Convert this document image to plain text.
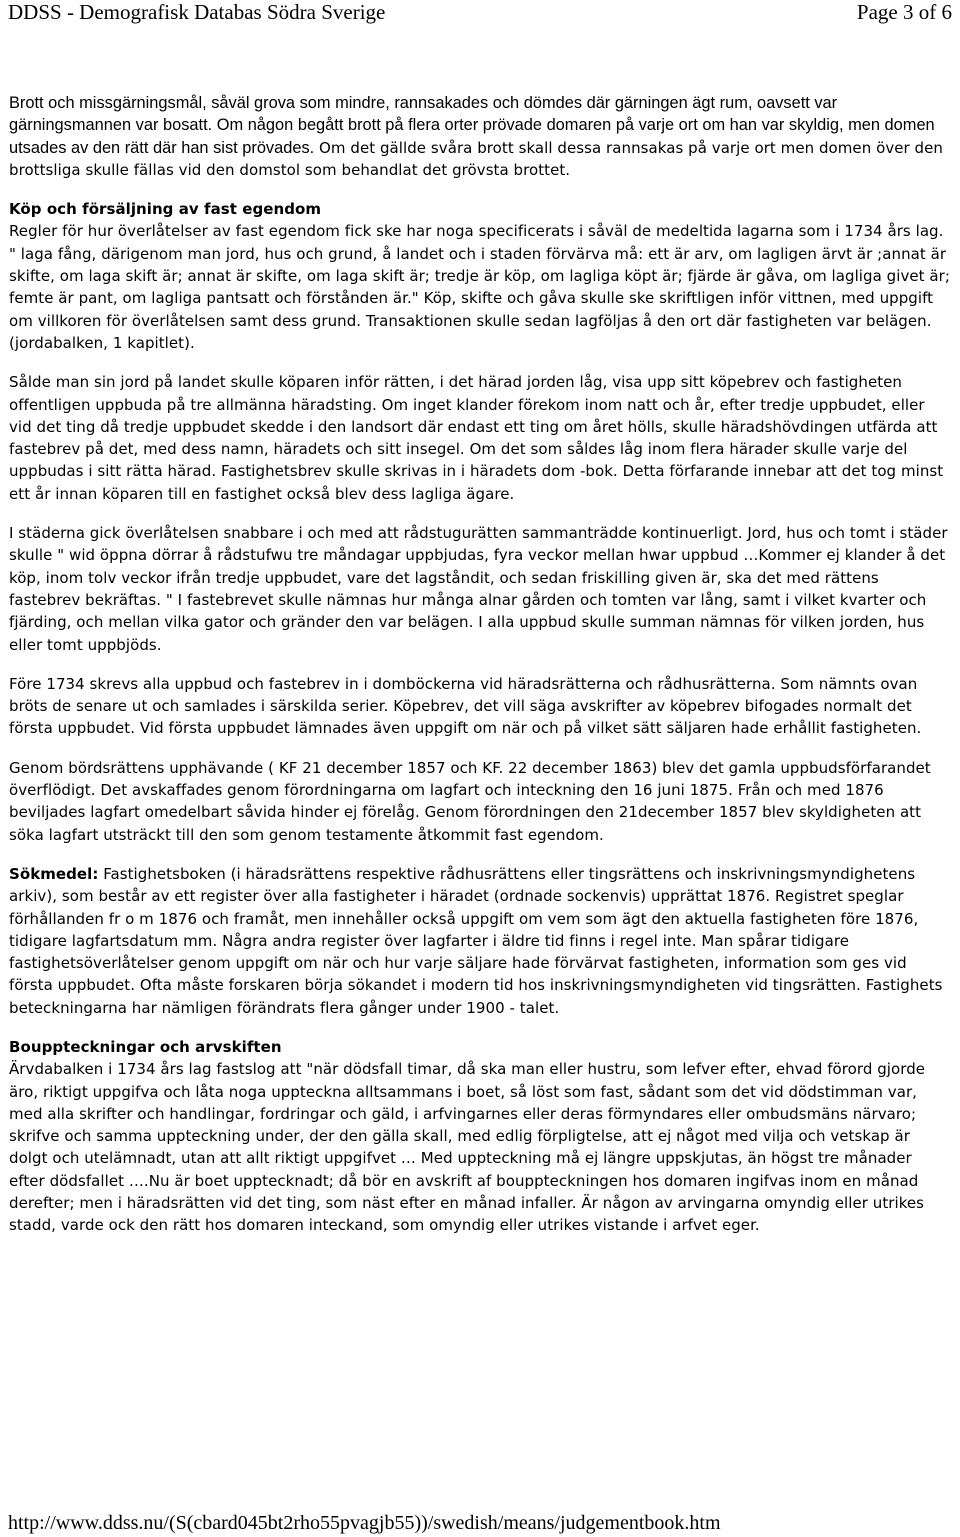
DDSS - Demografisk Databas Södra Sverige	Page 3 of 6

Brott och missgärningsmål, såväl grova som mindre, rannsakades och dömdes där gärningen ägt rum, oavsett var gärningsmannen var bosatt. Om någon begått brott på flera orter prövade domaren på varje ort om han var skyldig, men domen utsades av den rätt där han sist prövades. Om det gällde svåra brott skall dessa rannsakas på varje ort men domen över den brottsliga skulle fällas vid den domstol som behandlat det grövsta brottet.

Köp och försäljning av fast egendom

Regler för hur överlåtelser av fast egendom fick ske har noga specificerats i såväl de medeltida lagarna som i 1734 års lag. " laga fång, därigenom man jord, hus och grund, å landet och i staden förvärva må: ett är arv, om lagligen ärvt är ;annat är skifte, om laga skift är; annat är skifte, om laga skift är; tredje är köp, om lagliga köpt är; fjärde är gåva, om lagliga givet är; femte är pant, om lagliga pantsatt och förstånden är." Köp, skifte och gåva skulle ske skriftligen inför vittnen, med uppgift om villkoren för överlåtelsen samt dess grund. Transaktionen skulle sedan lagföljas å den ort där fastigheten var belägen. (jordabalken, 1 kapitlet).

Sålde man sin jord på landet skulle köparen inför rätten, i det härad jorden låg, visa upp sitt köpebrev och fastigheten offentligen uppbuda på tre allmänna häradsting. Om inget klander förekom inom natt och år, efter tredje uppbudet, eller vid det ting då tredje uppbudet skedde i den landsort där endast ett ting om året hölls, skulle häradshövdingen utfärda att fastebrev på det, med dess namn, häradets och sitt insegel. Om det som såldes låg inom flera härader skulle varje del uppbudas i sitt rätta härad. Fastighetsbrev skulle skrivas in i häradets dom -bok. Detta förfarande innebar att det tog minst ett år innan köparen till en fastighet också blev dess lagliga ägare.

I städerna gick överlåtelsen snabbare i och med att rådstugurätten sammanträdde kontinuerligt. Jord, hus och tomt i städer skulle " wid öppna dörrar å rådstufwu tre måndagar uppbjudas, fyra veckor mellan hwar uppbud …Kommer ej klander å det köp, inom tolv veckor ifrån tredje uppbudet, vare det lagståndit, och sedan friskilling given är, ska det med rättens fastebrev bekräftas. " I fastebrevet skulle nämnas hur många alnar gården och tomten var lång, samt i vilket kvarter och fjärding, och mellan vilka gator och gränder den var belägen. I alla uppbud skulle summan nämnas för vilken jorden, hus eller tomt uppbjöds.

Före 1734 skrevs alla uppbud och fastebrev in i domböckerna vid häradsrätterna och rådhusrätterna. Som nämnts ovan bröts de senare ut och samlades i särskilda serier. Köpebrev, det vill säga avskrifter av köpebrev bifogades normalt det första uppbudet. Vid första uppbudet lämnades även uppgift om när och på vilket sätt säljaren hade erhållit fastigheten.

Genom bördsrättens upphävande ( KF 21 december 1857 och KF. 22 december 1863) blev det gamla uppbudsförfarandet överflödigt. Det avskaffades genom förordningarna om lagfart och inteckning den 16 juni 1875. Från och med 1876 beviljades lagfart omedelbart såvida hinder ej förelåg. Genom förordningen den 21december 1857 blev skyldigheten att söka lagfart utsträckt till den som genom testamente åtkommit fast egendom.

Sökmedel: Fastighetsboken (i häradsrättens respektive rådhusrättens eller tingsrättens och inskrivningsmyndighetens arkiv), som består av ett register över alla fastigheter i häradet (ordnade sockenvis) upprättat 1876. Registret speglar förhållanden fr o m 1876 och framåt, men innehåller också uppgift om vem som ägt den aktuella fastigheten före 1876, tidigare lagfartsdatum mm. Några andra register över lagfarter i äldre tid finns i regel inte. Man spårar tidigare fastighetsöverlåtelser genom uppgift om när och hur varje säljare hade förvärvat fastigheten, information som ges vid första uppbudet. Ofta måste forskaren börja sökandet i modern tid hos inskrivningsmyndigheten vid tingsrätten. Fastighets beteckningarna har nämligen förändrats flera gånger under 1900 - talet.

Bouppteckningar och arvskiften

Ärvdabalken i 1734 års lag fastslog att "när dödsfall timar, då ska man eller hustru, som lefver efter, ehvad förord gjorde äro, riktigt uppgifva och låta noga uppteckna alltsammans i boet, så löst som fast, sådant som det vid dödstimman var, med alla skrifter och handlingar, fordringar och gäld, i arfvingarnes eller deras förmyndares eller ombudsmäns närvaro; skrifve och samma uppteckning under, der den gälla skall, med edlig förpligtelse, att ej något med vilja och vetskap är dolgt och utelämnadt, utan att allt riktigt uppgifvet … Med uppteckning må ej längre uppskjutas, än högst tre månader efter dödsfallet ….Nu är boet upptecknadt; då bör en avskrift af bouppteckningen hos domaren ingifvas inom en månad derefter; men i häradsrätten vid det ting, som näst efter en månad infaller. Är någon av arvingarna omyndig eller utrikes stadd, varde ock den rätt hos domaren inteckand, som omyndig eller utrikes vistande i arfvet eger.

http://www.ddss.nu/(S(cbard045bt2rho55pvagjb55))/swedish/means/judgementbook.htm
